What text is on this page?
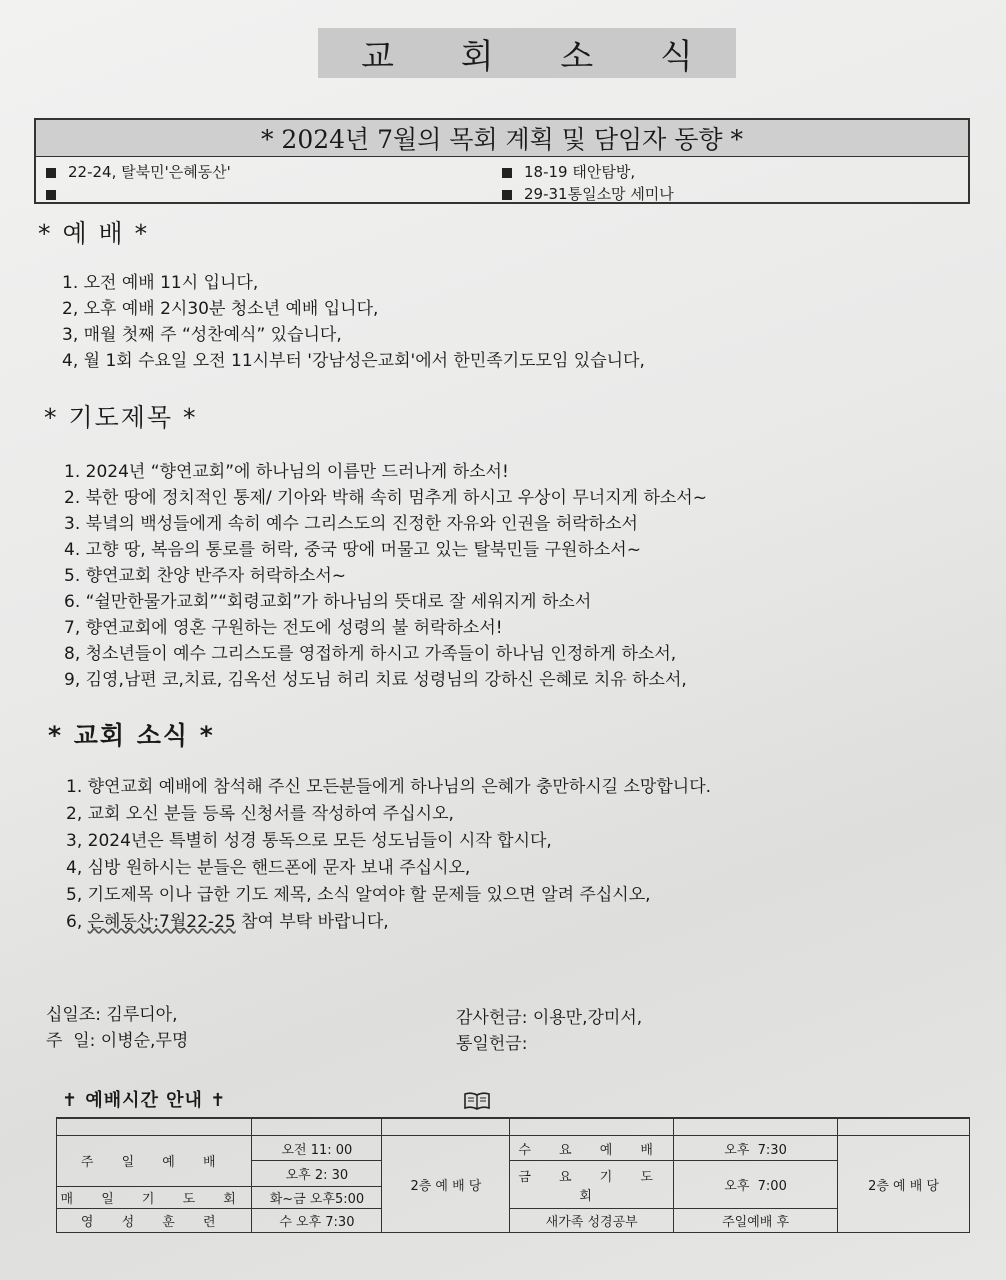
교 회 소 식
* 2024년 7월의 목회 계획 및 담임자 동향 *
22-24, 탈북민'은혜동산'	18-19 태안탐방,
29-31통일소망 세미나
* 예 배 *
1. 오전 예배 11시 입니다,
2, 오후 예배 2시30분 청소년 예배 입니다,
3, 매월 첫째 주 “성찬예식” 있습니다,
4, 월 1회 수요일 오전 11시부터 '강남성은교회'에서 한민족기도모임 있습니다,
* 기도제목 *
1. 2024년 “향연교회”에 하나님의 이름만 드러나게 하소서!
2. 북한 땅에 정치적인 통제/ 기아와 박해 속히 멈추게 하시고 우상이 무너지게 하소서~
3. 북녘의 백성들에게 속히 예수 그리스도의 진정한 자유와 인권을 허락하소서
4. 고향 땅, 복음의 통로를 허락, 중국 땅에 머물고 있는 탈북민들 구원하소서~
5. 향연교회 찬양 반주자 허락하소서~
6. “쉴만한물가교회”“회령교회”가 하나님의 뜻대로 잘 세워지게 하소서
7, 향연교회에 영혼 구원하는 전도에 성령의 불 허락하소서!
8, 청소년들이 예수 그리스도를 영접하게 하시고 가족들이 하나님 인정하게 하소서,
9, 김영,남편 코,치료, 김옥선 성도님 허리 치료 성령님의 강하신 은혜로 치유 하소서,
* 교회 소식 *
1. 향연교회 예배에 참석해 주신 모든분들에게 하나님의 은혜가 충만하시길 소망합니다.
2, 교회 오신 분들 등록 신청서를 작성하여 주십시오,
3, 2024년은 특별히 성경 통독으로 모든 성도님들이 시작 합시다,
4, 심방 원하시는 분들은 핸드폰에 문자 보내 주십시오,
5, 기도제목 이나 급한 기도 제목, 소식 알여야 할 문제들 있으면 알려 주십시오,
6, 은혜동산:7월22-25 참여 부탁 바랍니다,
십일조: 김루디아,
주  일: 이병순,무명
감사헌금: 이용만,강미서,
통일헌금:
✝ 예배시간 안내 ✝

주 일 예 배	오전 11: 00	2층 예 배 당	수 요 예 배	오후  7:30	2층 예 배 당
	오후 2: 30		금 요 기 도 회	오후  7:00	
매 일 기 도 회	화~금 오후5:00				
영 성 훈 련	수 오후 7:30		새가족 성경공부	주일예배 후	
